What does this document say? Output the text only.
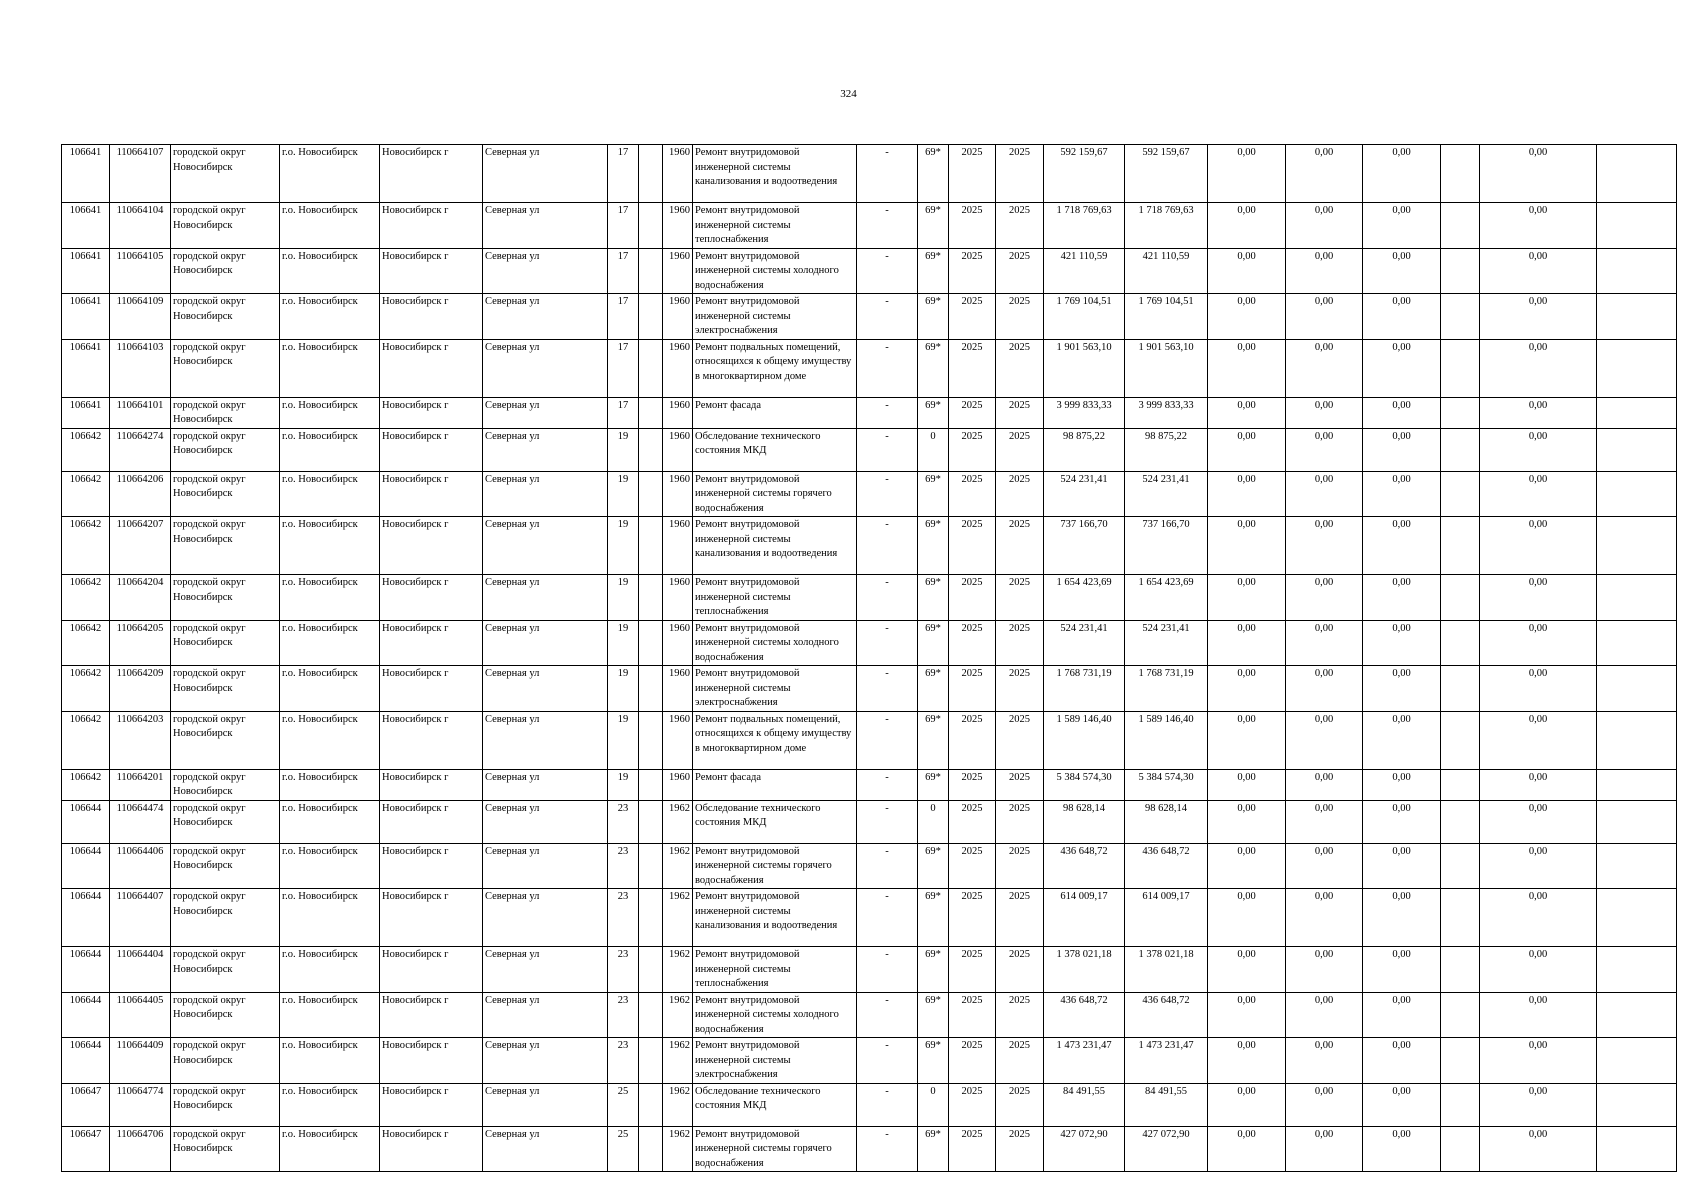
324
106641	110664107	городской округ Новосибирск	г.о. Новосибирск	Новосибирск г	Северная ул	17		1960	Ремонт внутридомовой инженерной системы канализования и водоотведения	-	69*	2025	2025	592 159,67	592 159,67	0,00	0,00	0,00		0,00	
106641	110664104	городской округ Новосибирск	г.о. Новосибирск	Новосибирск г	Северная ул	17		1960	Ремонт внутридомовой инженерной системы теплоснабжения	-	69*	2025	2025	1 718 769,63	1 718 769,63	0,00	0,00	0,00		0,00	
106641	110664105	городской округ Новосибирск	г.о. Новосибирск	Новосибирск г	Северная ул	17		1960	Ремонт внутридомовой инженерной системы холодного водоснабжения	-	69*	2025	2025	421 110,59	421 110,59	0,00	0,00	0,00		0,00	
106641	110664109	городской округ Новосибирск	г.о. Новосибирск	Новосибирск г	Северная ул	17		1960	Ремонт внутридомовой инженерной системы электроснабжения	-	69*	2025	2025	1 769 104,51	1 769 104,51	0,00	0,00	0,00		0,00	
106641	110664103	городской округ Новосибирск	г.о. Новосибирск	Новосибирск г	Северная ул	17		1960	Ремонт подвальных помещений, относящихся к общему имуществу в многоквартирном доме	-	69*	2025	2025	1 901 563,10	1 901 563,10	0,00	0,00	0,00		0,00	
106641	110664101	городской округ Новосибирск	г.о. Новосибирск	Новосибирск г	Северная ул	17		1960	Ремонт фасада	-	69*	2025	2025	3 999 833,33	3 999 833,33	0,00	0,00	0,00		0,00	
106642	110664274	городской округ Новосибирск	г.о. Новосибирск	Новосибирск г	Северная ул	19		1960	Обследование технического состояния МКД	-	0	2025	2025	98 875,22	98 875,22	0,00	0,00	0,00		0,00	
106642	110664206	городской округ Новосибирск	г.о. Новосибирск	Новосибирск г	Северная ул	19		1960	Ремонт внутридомовой инженерной системы горячего водоснабжения	-	69*	2025	2025	524 231,41	524 231,41	0,00	0,00	0,00		0,00	
106642	110664207	городской округ Новосибирск	г.о. Новосибирск	Новосибирск г	Северная ул	19		1960	Ремонт внутридомовой инженерной системы канализования и водоотведения	-	69*	2025	2025	737 166,70	737 166,70	0,00	0,00	0,00		0,00	
106642	110664204	городской округ Новосибирск	г.о. Новосибирск	Новосибирск г	Северная ул	19		1960	Ремонт внутридомовой инженерной системы теплоснабжения	-	69*	2025	2025	1 654 423,69	1 654 423,69	0,00	0,00	0,00		0,00	
106642	110664205	городской округ Новосибирск	г.о. Новосибирск	Новосибирск г	Северная ул	19		1960	Ремонт внутридомовой инженерной системы холодного водоснабжения	-	69*	2025	2025	524 231,41	524 231,41	0,00	0,00	0,00		0,00	
106642	110664209	городской округ Новосибирск	г.о. Новосибирск	Новосибирск г	Северная ул	19		1960	Ремонт внутридомовой инженерной системы электроснабжения	-	69*	2025	2025	1 768 731,19	1 768 731,19	0,00	0,00	0,00		0,00	
106642	110664203	городской округ Новосибирск	г.о. Новосибирск	Новосибирск г	Северная ул	19		1960	Ремонт подвальных помещений, относящихся к общему имуществу в многоквартирном доме	-	69*	2025	2025	1 589 146,40	1 589 146,40	0,00	0,00	0,00		0,00	
106642	110664201	городской округ Новосибирск	г.о. Новосибирск	Новосибирск г	Северная ул	19		1960	Ремонт фасада	-	69*	2025	2025	5 384 574,30	5 384 574,30	0,00	0,00	0,00		0,00	
106644	110664474	городской округ Новосибирск	г.о. Новосибирск	Новосибирск г	Северная ул	23		1962	Обследование технического состояния МКД	-	0	2025	2025	98 628,14	98 628,14	0,00	0,00	0,00		0,00	
106644	110664406	городской округ Новосибирск	г.о. Новосибирск	Новосибирск г	Северная ул	23		1962	Ремонт внутридомовой инженерной системы горячего водоснабжения	-	69*	2025	2025	436 648,72	436 648,72	0,00	0,00	0,00		0,00	
106644	110664407	городской округ Новосибирск	г.о. Новосибирск	Новосибирск г	Северная ул	23		1962	Ремонт внутридомовой инженерной системы канализования и водоотведения	-	69*	2025	2025	614 009,17	614 009,17	0,00	0,00	0,00		0,00	
106644	110664404	городской округ Новосибирск	г.о. Новосибирск	Новосибирск г	Северная ул	23		1962	Ремонт внутридомовой инженерной системы теплоснабжения	-	69*	2025	2025	1 378 021,18	1 378 021,18	0,00	0,00	0,00		0,00	
106644	110664405	городской округ Новосибирск	г.о. Новосибирск	Новосибирск г	Северная ул	23		1962	Ремонт внутридомовой инженерной системы холодного водоснабжения	-	69*	2025	2025	436 648,72	436 648,72	0,00	0,00	0,00		0,00	
106644	110664409	городской округ Новосибирск	г.о. Новосибирск	Новосибирск г	Северная ул	23		1962	Ремонт внутридомовой инженерной системы электроснабжения	-	69*	2025	2025	1 473 231,47	1 473 231,47	0,00	0,00	0,00		0,00	
106647	110664774	городской округ Новосибирск	г.о. Новосибирск	Новосибирск г	Северная ул	25		1962	Обследование технического состояния МКД	-	0	2025	2025	84 491,55	84 491,55	0,00	0,00	0,00		0,00	
106647	110664706	городской округ Новосибирск	г.о. Новосибирск	Новосибирск г	Северная ул	25		1962	Ремонт внутридомовой инженерной системы горячего водоснабжения	-	69*	2025	2025	427 072,90	427 072,90	0,00	0,00	0,00		0,00	
